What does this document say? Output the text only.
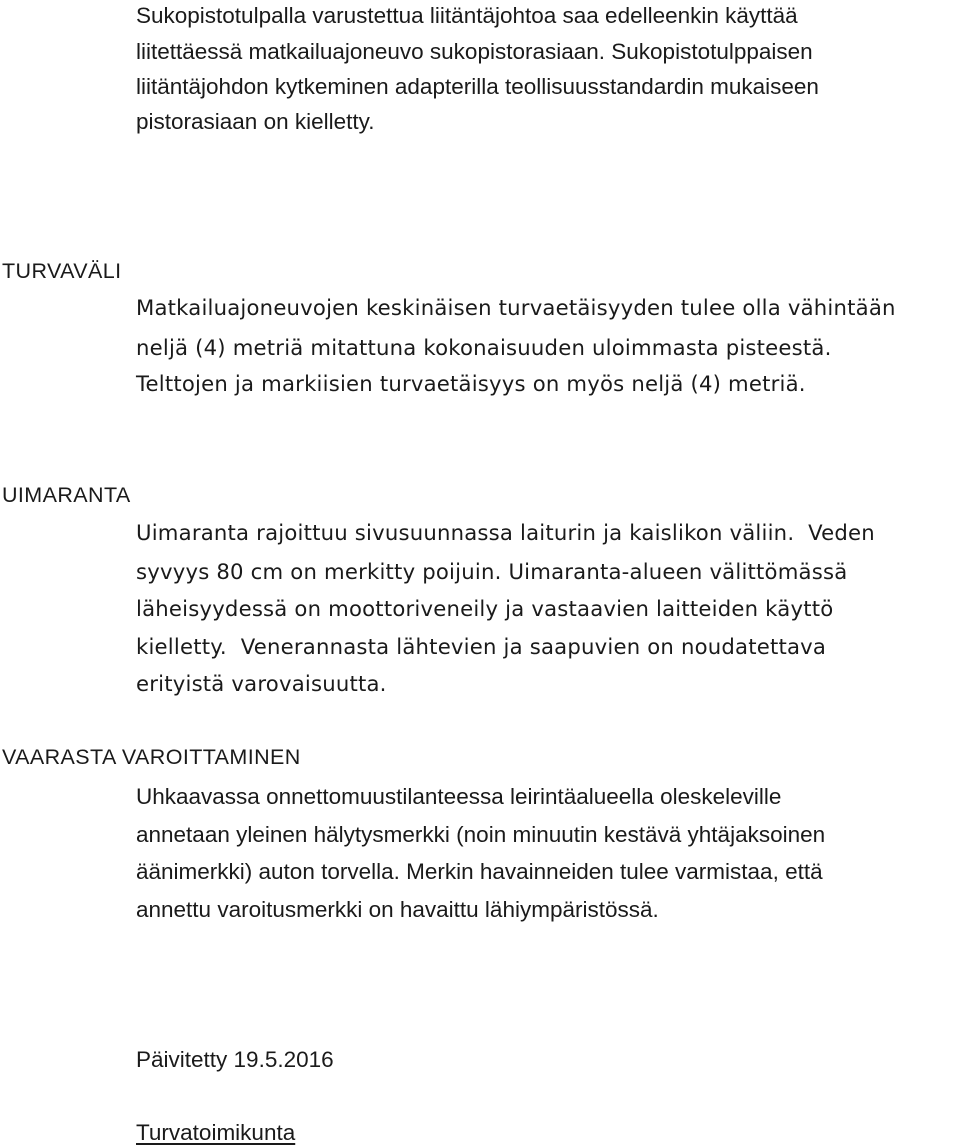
Sukopistotulpalla varustettua liitäntäjohtoa saa edelleenkin käyttää
liitettäessä matkailuajoneuvo sukopistorasiaan. Sukopistotulppaisen
liitäntäjohdon kytkeminen adapterilla teollisuusstandardin mukaiseen
pistorasiaan on kielletty.
TURVAVÄLI
Matkailuajoneuvojen keskinäisen turvaetäisyyden tulee olla vähintään
neljä (4) metriä mitattuna kokonaisuuden uloimmasta pisteestä.
Telttojen ja markiisien turvaetäisyys on myös neljä (4) metriä.
UIMARANTA
Uimaranta rajoittuu sivusuunnassa laiturin ja kaislikon väliin.  Veden
syvyys 80 cm on merkitty poijuin. Uimaranta-alueen välittömässä
läheisyydessä on moottoriveneily ja vastaavien laitteiden käyttö
kielletty.  Venerannasta lähtevien ja saapuvien on noudatettava
erityistä varovaisuutta.
VAARASTA VAROITTAMINEN
Uhkaavassa onnettomuustilanteessa leirintäalueella oleskeleville
annetaan yleinen hälytysmerkki (noin minuutin kestävä yhtäjaksoinen
äänimerkki) auton torvella. Merkin havainneiden tulee varmistaa, että
annettu varoitusmerkki on havaittu lähiympäristössä.
Päivitetty 19.5.2016
Turvatoimikunta
